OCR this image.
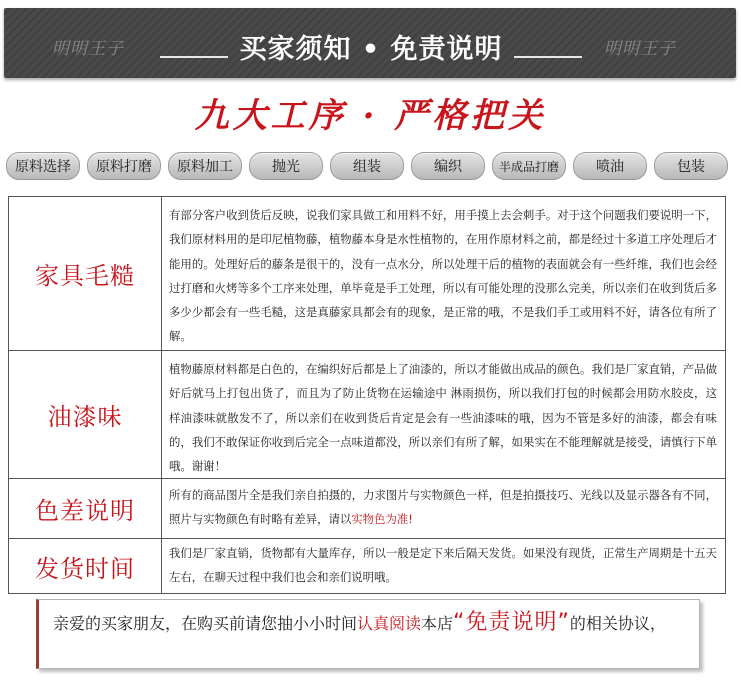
明明王子	买家须知 • 免责说明	明明王子
九大工序 · 严格把关
原料选择	原料打磨	原料加工	抛光	组装	编织	半成品打磨	喷油	包装
家具毛糙
有部分客户收到货后反映，说我们家具做工和用料不好，用手摸上去会刺手。对于这个问题我们要说明一下，我们原材料用的是印尼植物藤，植物藤本身是水性植物的，在用作原材料之前，都是经过十多道工序处理后才能用的。处理好后的藤条是很干的，没有一点水分，所以处理干后的植物的表面就会有一些纤维，我们也会经过打磨和火烤等多个工序来处理，单毕竟是手工处理，所以有可能处理的没那么完美，所以亲们在收到货后多多少少都会有一些毛糙，这是真藤家具都会有的现象，是正常的哦，不是我们手工或用料不好，请各位有所了解。
油漆味
植物藤原材料都是白色的，在编织好后都是上了油漆的，所以才能做出成品的颜色。我们是厂家直销，产品做好后就马上打包出货了，而且为了防止货物在运输途中 淋雨损伤，所以我们打包的时候都会用防水胶皮，这样油漆味就散发不了，所以亲们在收到货后肯定是会有一些油漆味的哦，因为不管是多好的油漆，都会有味的，我们不敢保证你收到后完全一点味道都没，所以亲们有所了解，如果实在不能理解就是接受，请慎行下单哦。谢谢！
色差说明
所有的商品图片全是我们亲自拍摄的，力求图片与实物颜色一样，但是拍摄技巧、光线以及显示器各有不同，照片与实物颜色有时略有差异，请以实物色为准!
发货时间
我们是厂家直销，货物都有大量库存，所以一般是定下来后隔天发货。如果没有现货，正常生产周期是十五天左右，在聊天过程中我们也会和亲们说明哦。
亲爱的买家朋友，在购买前请您抽小小时间认真阅读本店“免责说明”的相关协议，
